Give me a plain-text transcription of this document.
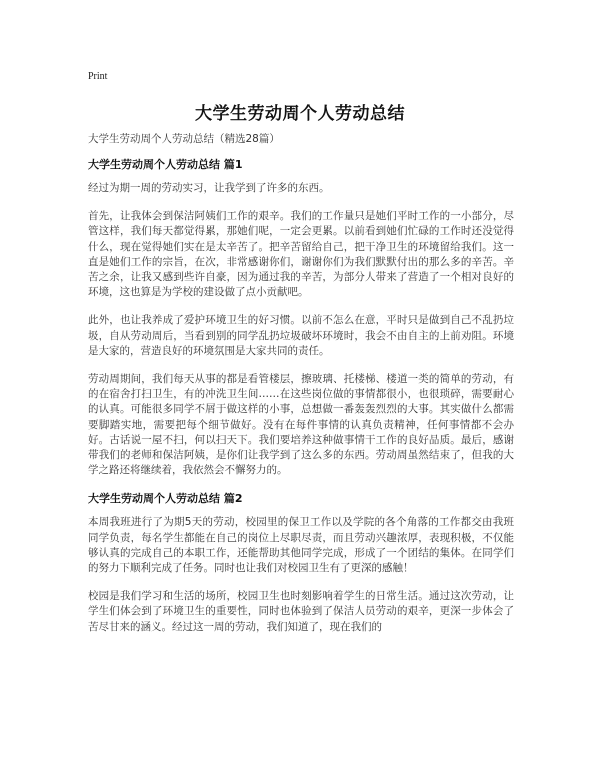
Print
大学生劳动周个人劳动总结
大学生劳动周个人劳动总结（精选28篇）
大学生劳动周个人劳动总结 篇1

经过为期一周的劳动实习，让我学到了许多的东西。

首先，让我体会到保洁阿姨们工作的艰辛。我们的工作量只是她们平时工作的一小部分，尽管这样，我们每天都觉得累，那她们呢，一定会更累。以前看到她们忙碌的工作时还没觉得什么，现在觉得她们实在是太辛苦了。把辛苦留给自己，把干净卫生的环境留给我们。这一直是她们工作的宗旨，在次，非常感谢你们，谢谢你们为我们默默付出的那么多的辛苦。辛苦之余，让我又感到些许自豪，因为通过我的辛苦，为部分人带来了营造了一个相对良好的环境，这也算是为学校的建设做了点小贡献吧。

此外，也让我养成了爱护环境卫生的好习惯。以前不怎么在意，平时只是做到自己不乱扔垃圾，自从劳动周后，当看到别的同学乱扔垃圾破坏环境时，我会不由自主的上前劝阻。环境是大家的，营造良好的环境氛围是大家共同的责任。

劳动周期间，我们每天从事的都是看管楼层，擦玻璃、托楼梯、楼道一类的简单的劳动，有的在宿舍打扫卫生，有的冲洗卫生间……在这些岗位做的事情都很小，也很琐碎，需要耐心的认真。可能很多同学不屑于做这样的小事，总想做一番轰轰烈烈的大事。其实做什么都需要脚踏实地，需要把每个细节做好。没有在每件事情的认真负责精神，任何事情都不会办好。古话说一屋不扫，何以扫天下。我们要培养这种做事情干工作的良好品质。最后，感谢带我们的老师和保洁阿姨，是你们让我学到了这么多的东西。劳动周虽然结束了，但我的大学之路还将继续着，我依然会不懈努力的。

大学生劳动周个人劳动总结 篇2

本周我班进行了为期5天的劳动，校园里的保卫工作以及学院的各个角落的工作都交由我班同学负责，每名学生都能在自己的岗位上尽职尽责，而且劳动兴趣浓厚，表现积极，不仅能够认真的完成自己的本职工作，还能帮助其他同学完成，形成了一个团结的集体。在同学们的努力下顺利完成了任务。同时也让我们对校园卫生有了更深的感触！

校园是我们学习和生活的场所，校园卫生也时刻影响着学生的日常生活。通过这次劳动，让学生们体会到了环境卫生的重要性，同时也体验到了保洁人员劳动的艰辛，更深一步体会了苦尽甘来的涵义。经过这一周的劳动，我们知道了，现在我们的
